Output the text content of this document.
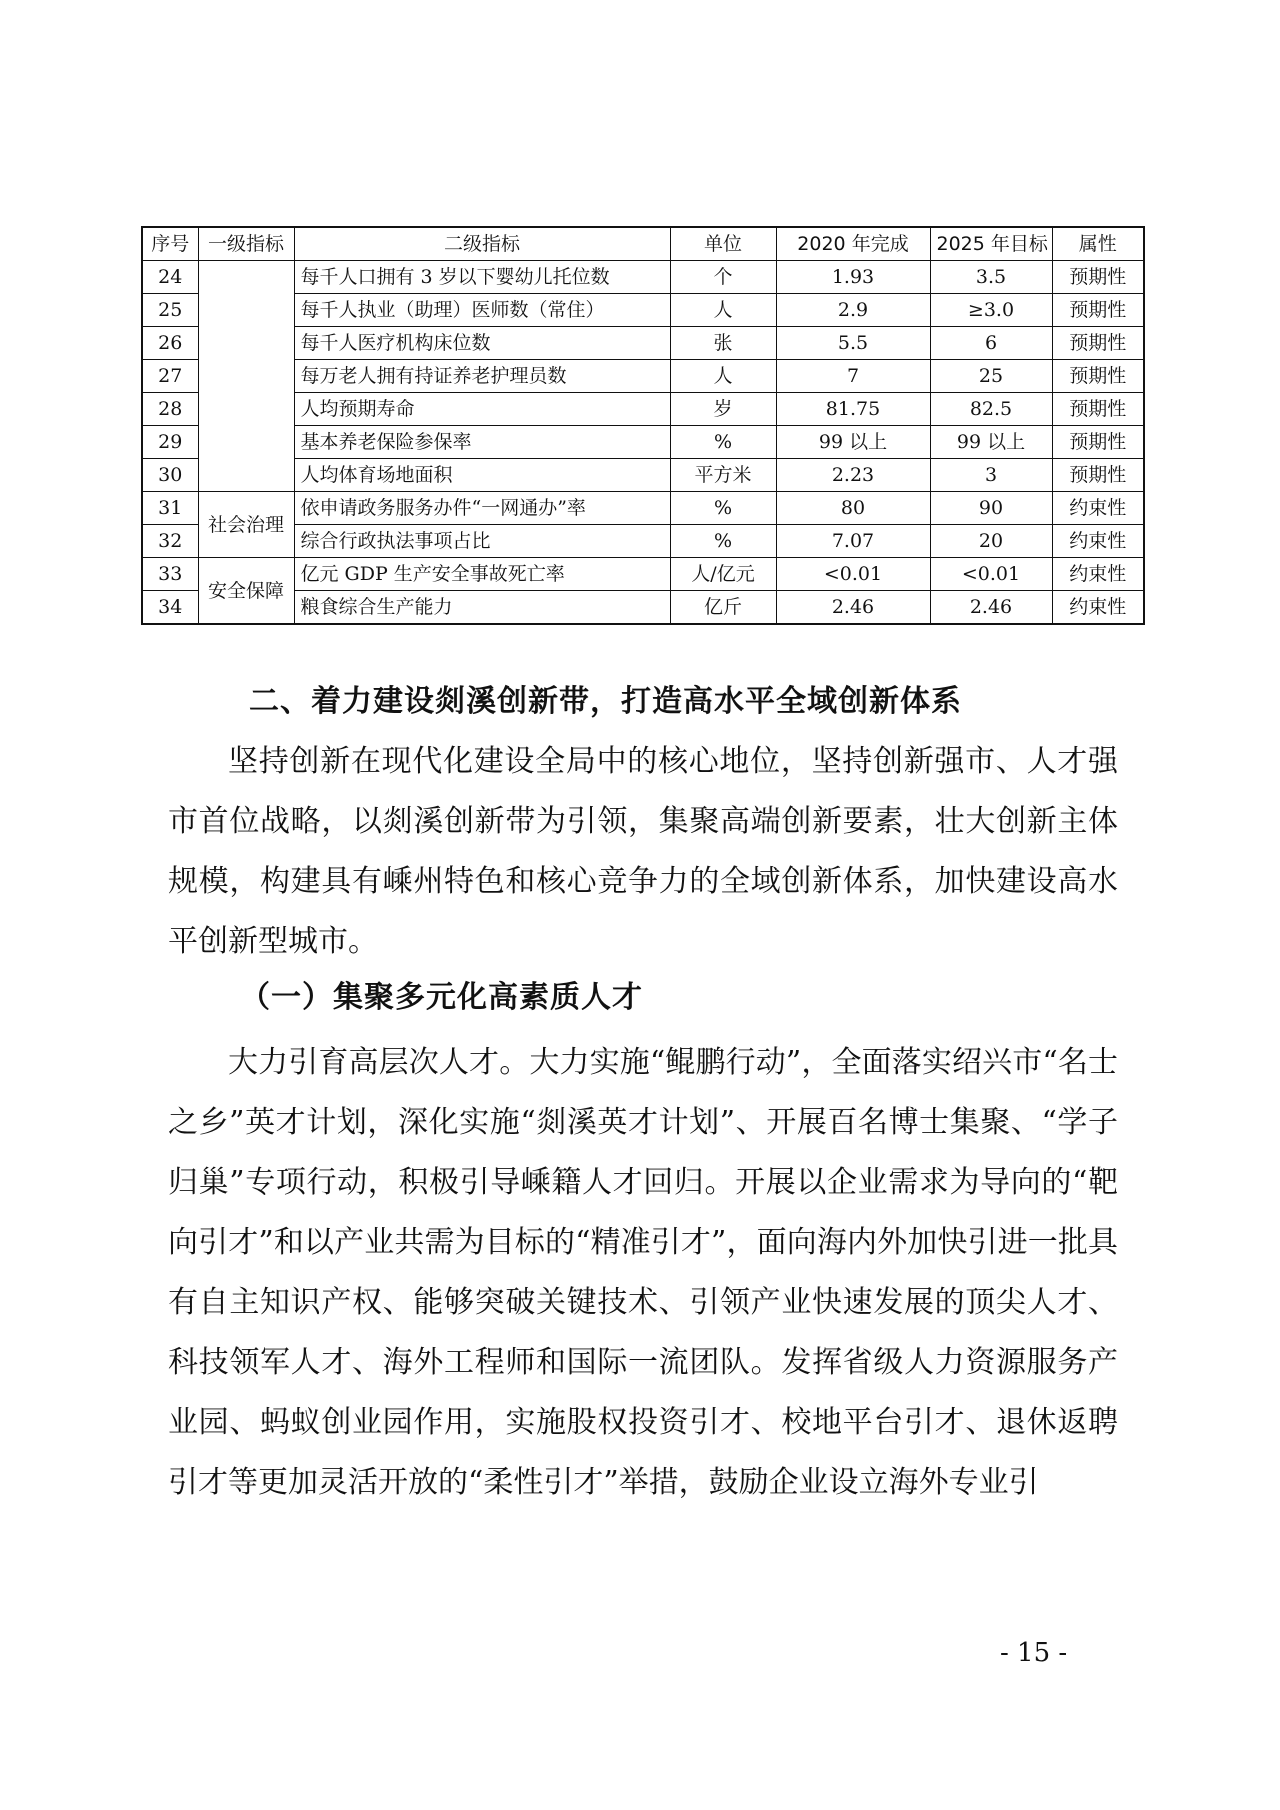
序号	一级指标	二级指标	单位	2020 年完成	2025 年目标	属性
24		每千人口拥有 3 岁以下婴幼儿托位数	个	1.93	3.5	预期性
25		每千人执业（助理）医师数（常住）	人	2.9	≥3.0	预期性
26		每千人医疗机构床位数	张	5.5	6	预期性
27		每万老人拥有持证养老护理员数	人	7	25	预期性
28		人均预期寿命	岁	81.75	82.5	预期性
29		基本养老保险参保率	%	99 以上	99 以上	预期性
30		人均体育场地面积	平方米	2.23	3	预期性
31	社会治理	依申请政务服务办件“一网通办”率	%	80	90	约束性
32		综合行政执法事项占比	%	7.07	20	约束性
33	安全保障	亿元 GDP 生产安全事故死亡率	人/亿元	<0.01	<0.01	约束性
34		粮食综合生产能力	亿斤	2.46	2.46	约束性
二、着力建设剡溪创新带，打造高水平全域创新体系

坚持创新在现代化建设全局中的核心地位，坚持创新强市、人才强市首位战略，以剡溪创新带为引领，集聚高端创新要素，壮大创新主体规模，构建具有嵊州特色和核心竞争力的全域创新体系，加快建设高水平创新型城市。

（一）集聚多元化高素质人才

大力引育高层次人才。大力实施“鲲鹏行动”，全面落实绍兴市“名士之乡”英才计划，深化实施“剡溪英才计划”、开展百名博士集聚、“学子归巢”专项行动，积极引导嵊籍人才回归。开展以企业需求为导向的“靶向引才”和以产业共需为目标的“精准引才”，面向海内外加快引进一批具有自主知识产权、能够突破关键技术、引领产业快速发展的顶尖人才、科技领军人才、海外工程师和国际一流团队。发挥省级人力资源服务产业园、蚂蚁创业园作用，实施股权投资引才、校地平台引才、退休返聘引才等更加灵活开放的“柔性引才”举措，鼓励企业设立海外专业引

- 15 -
